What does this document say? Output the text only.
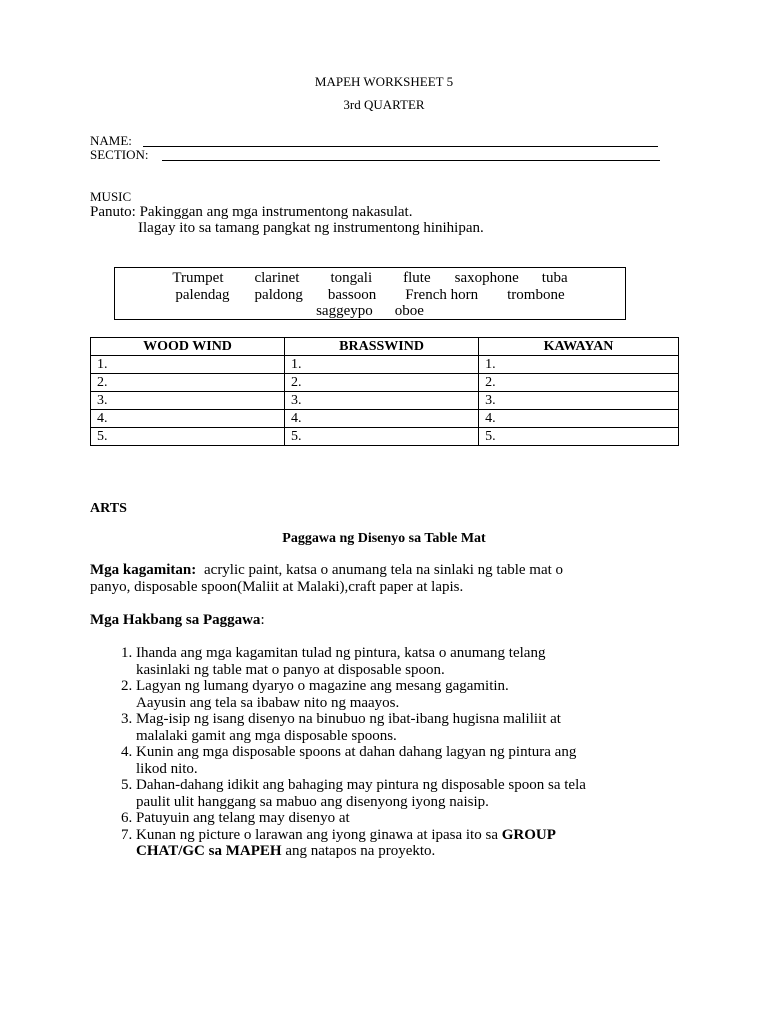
MAPEH WORKSHEET 5
3rd QUARTER
NAME:
SECTION:
MUSIC
Panuto: Pakinggan ang mga instrumentong nakasulat.
Ilagay ito sa tamang pangkat ng instrumentong hinihipan.
Trumpet clarinet tongali flute saxophone tuba
palendag paldong bassoon French horn trombone
saggeypo oboe
WOOD WIND	BRASSWIND	KAWAYAN
1.	1.	1.
2.	2.	2.
3.	3.	3.
4.	4.	4.
5.	5.	5.
ARTS
Paggawa ng Disenyo sa Table Mat
Mga kagamitan: acrylic paint, katsa o anumang tela na sinlaki ng table mat o
panyo, disposable spoon(Maliit at Malaki),craft paper at lapis.
Mga Hakbang sa Paggawa:
1. Ihanda ang mga kagamitan tulad ng pintura, katsa o anumang telang
kasinlaki ng table mat o panyo at disposable spoon.
2. Lagyan ng lumang dyaryo o magazine ang mesang gagamitin.
Aayusin ang tela sa ibabaw nito ng maayos.
3. Mag-isip ng isang disenyo na binubuo ng ibat-ibang hugisna maliliit at
malalaki gamit ang mga disposable spoons.
4. Kunin ang mga disposable spoons at dahan dahang lagyan ng pintura ang
likod nito.
5. Dahan-dahang idikit ang bahaging may pintura ng disposable spoon sa tela
paulit ulit hanggang sa mabuo ang disenyong iyong naisip.
6. Patuyuin ang telang may disenyo at
7. Kunan ng picture o larawan ang iyong ginawa at ipasa ito sa GROUP
CHAT/GC sa MAPEH ang natapos na proyekto.
